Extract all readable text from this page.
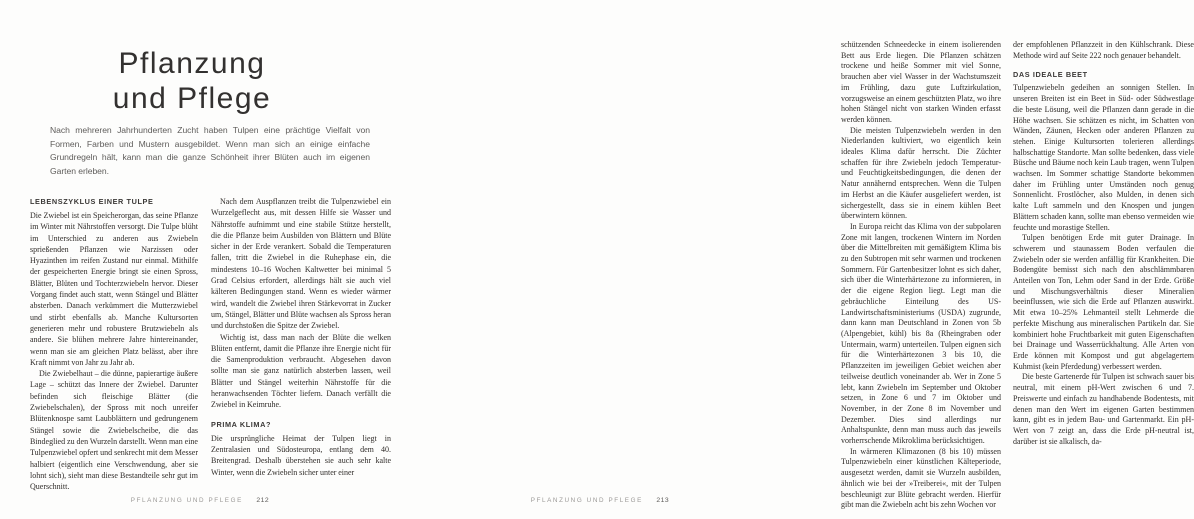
Pflanzung
und Pflege

Nach mehreren Jahrhunderten Zucht haben Tulpen eine prächtige Vielfalt von Formen, Farben und Mustern ausgebildet. Wenn man sich an einige einfache Grundregeln hält, kann man die ganze Schönheit ihrer Blüten auch im eigenen Garten erleben.

LEBENSZYKLUS EINER TULPE

Die Zwiebel ist ein Speicherorgan, das seine Pflanze im Winter mit Nährstoffen versorgt. Die Tulpe blüht im Unterschied zu anderen aus Zwiebeln sprießenden Pflanzen wie Narzissen oder Hyazinthen im reifen Zustand nur einmal. Mithilfe der gespeicherten Energie bringt sie einen Spross, Blätter, Blüten und Tochterzwiebeln hervor. Dieser Vorgang findet auch statt, wenn Stängel und Blätter absterben. Danach verkümmert die Mutterzwiebel und stirbt ebenfalls ab. Manche Kultursorten generieren mehr und robustere Brutzwiebeln als andere. Sie blühen mehrere Jahre hintereinander, wenn man sie am gleichen Platz belässt, aber ihre Kraft nimmt von Jahr zu Jahr ab.

Die Zwiebelhaut – die dünne, papierartige äußere Lage – schützt das Innere der Zwiebel. Darunter befinden sich fleischige Blätter (die Zwiebelschalen), der Spross mit noch unreifer Blütenknospe samt Laubblättern und gedrungenem Stängel sowie die Zwiebelscheibe, die das Bindeglied zu den Wurzeln darstellt. Wenn man eine Tulpenzwiebel opfert und senkrecht mit dem Messer halbiert (eigentlich eine Verschwendung, aber sie lohnt sich), sieht man diese Bestandteile sehr gut im Querschnitt.

Nach dem Auspflanzen treibt die Tulpenzwiebel ein Wurzelgeflecht aus, mit dessen Hilfe sie Wasser und Nährstoffe aufnimmt und eine stabile Stütze herstellt, die die Pflanze beim Ausbilden von Blättern und Blüte sicher in der Erde verankert. Sobald die Temperaturen fallen, tritt die Zwiebel in die Ruhephase ein, die mindestens 10–16 Wochen Kaltwetter bei minimal 5 Grad Celsius erfordert, allerdings hält sie auch viel kälteren Bedingungen stand. Wenn es wieder wärmer wird, wandelt die Zwiebel ihren Stärkevorrat in Zucker um, Stängel, Blätter und Blüte wachsen als Spross heran und durchstoßen die Spitze der Zwiebel.

Wichtig ist, dass man nach der Blüte die welken Blüten entfernt, damit die Pflanze ihre Energie nicht für die Samenproduktion verbraucht. Abgesehen davon sollte man sie ganz natürlich absterben lassen, weil Blätter und Stängel weiterhin Nährstoffe für die heranwachsenden Töchter liefern. Danach verfällt die Zwiebel in Keimruhe.

PRIMA KLIMA?

Die ursprüngliche Heimat der Tulpen liegt in Zentralasien und Südosteuropa, entlang dem 40. Breitengrad. Deshalb überstehen sie auch sehr kalte Winter, wenn die Zwiebeln sicher unter einer

PFLANZUNG UND PFLEGE 212

schützenden Schneedecke in einem isolierenden Bett aus Erde liegen. Die Pflanzen schätzen trockene und heiße Sommer mit viel Sonne, brauchen aber viel Wasser in der Wachstumszeit im Frühling, dazu gute Luftzirkulation, vorzugsweise an einem geschützten Platz, wo ihre hohen Stängel nicht von starken Winden erfasst werden können.

Die meisten Tulpenzwiebeln werden in den Niederlanden kultiviert, wo eigentlich kein ideales Klima dafür herrscht. Die Züchter schaffen für ihre Zwiebeln jedoch Temperatur- und Feuchtigkeitsbedingungen, die denen der Natur annähernd entsprechen. Wenn die Tulpen im Herbst an die Käufer ausgeliefert werden, ist sichergestellt, dass sie in einem kühlen Beet überwintern können.

In Europa reicht das Klima von der subpolaren Zone mit langen, trockenen Wintern im Norden über die Mittelbreiten mit gemäßigtem Klima bis zu den Subtropen mit sehr warmen und trockenen Sommern. Für Gartenbesitzer lohnt es sich daher, sich über die Winterhärtezone zu informieren, in der die eigene Region liegt. Legt man die gebräuchliche Einteilung des US-Landwirtschaftsministeriums (USDA) zugrunde, dann kann man Deutschland in Zonen von 5b (Alpengebiet, kühl) bis 8a (Rheingraben oder Untermain, warm) unterteilen. Tulpen eignen sich für die Winterhärtezonen 3 bis 10, die Pflanzzeiten im jeweiligen Gebiet weichen aber teilweise deutlich voneinander ab. Wer in Zone 5 lebt, kann Zwiebeln im September und Oktober setzen, in Zone 6 und 7 im Oktober und November, in der Zone 8 im November und Dezember. Dies sind allerdings nur Anhaltspunkte, denn man muss auch das jeweils vorherrschende Mikroklima berücksichtigen.

In wärmeren Klimazonen (8 bis 10) müssen Tulpenzwiebeln einer künstlichen Kälteperiode, ausgesetzt werden, damit sie Wurzeln ausbilden, ähnlich wie bei der »Treiberei«, mit der Tulpen beschleunigt zur Blüte gebracht werden. Hierfür gibt man die Zwiebeln acht bis zehn Wochen vor

der empfohlenen Pflanzzeit in den Kühlschrank. Diese Methode wird auf Seite 222 noch genauer behandelt.

DAS IDEALE BEET

Tulpenzwiebeln gedeihen an sonnigen Stellen. In unseren Breiten ist ein Beet in Süd- oder Südwestlage die beste Lösung, weil die Pflanzen dann gerade in die Höhe wachsen. Sie schätzen es nicht, im Schatten von Wänden, Zäunen, Hecken oder anderen Pflanzen zu stehen. Einige Kultursorten tolerieren allerdings halbschattige Standorte. Man sollte bedenken, dass viele Büsche und Bäume noch kein Laub tragen, wenn Tulpen wachsen. Im Sommer schattige Standorte bekommen daher im Frühling unter Umständen noch genug Sonnenlicht. Frostlöcher, also Mulden, in denen sich kalte Luft sammeln und den Knospen und jungen Blättern schaden kann, sollte man ebenso vermeiden wie feuchte und morastige Stellen.

Tulpen benötigen Erde mit guter Drainage. In schwerem und staunassem Boden verfaulen die Zwiebeln oder sie werden anfällig für Krankheiten. Die Bodengüte bemisst sich nach den abschlämmbaren Anteilen von Ton, Lehm oder Sand in der Erde. Größe und Mischungsverhältnis dieser Mineralien beeinflussen, wie sich die Erde auf Pflanzen auswirkt. Mit etwa 10–25% Lehmanteil stellt Lehmerde die perfekte Mischung aus mineralischen Partikeln dar. Sie kombiniert hohe Fruchtbarkeit mit guten Eigenschaften bei Drainage und Wasserrückhaltung. Alle Arten von Erde können mit Kompost und gut abgelagertem Kuhmist (kein Pferdedung) verbessert werden.

Die beste Gartenerde für Tulpen ist schwach sauer bis neutral, mit einem pH-Wert zwischen 6 und 7. Preiswerte und einfach zu handhabende Bodentests, mit denen man den Wert im eigenen Garten bestimmen kann, gibt es in jedem Bau- und Gartenmarkt. Ein pH-Wert von 7 zeigt an, dass die Erde pH-neutral ist, darüber ist sie alkalisch, da-

PFLANZUNG UND PFLEGE 213
